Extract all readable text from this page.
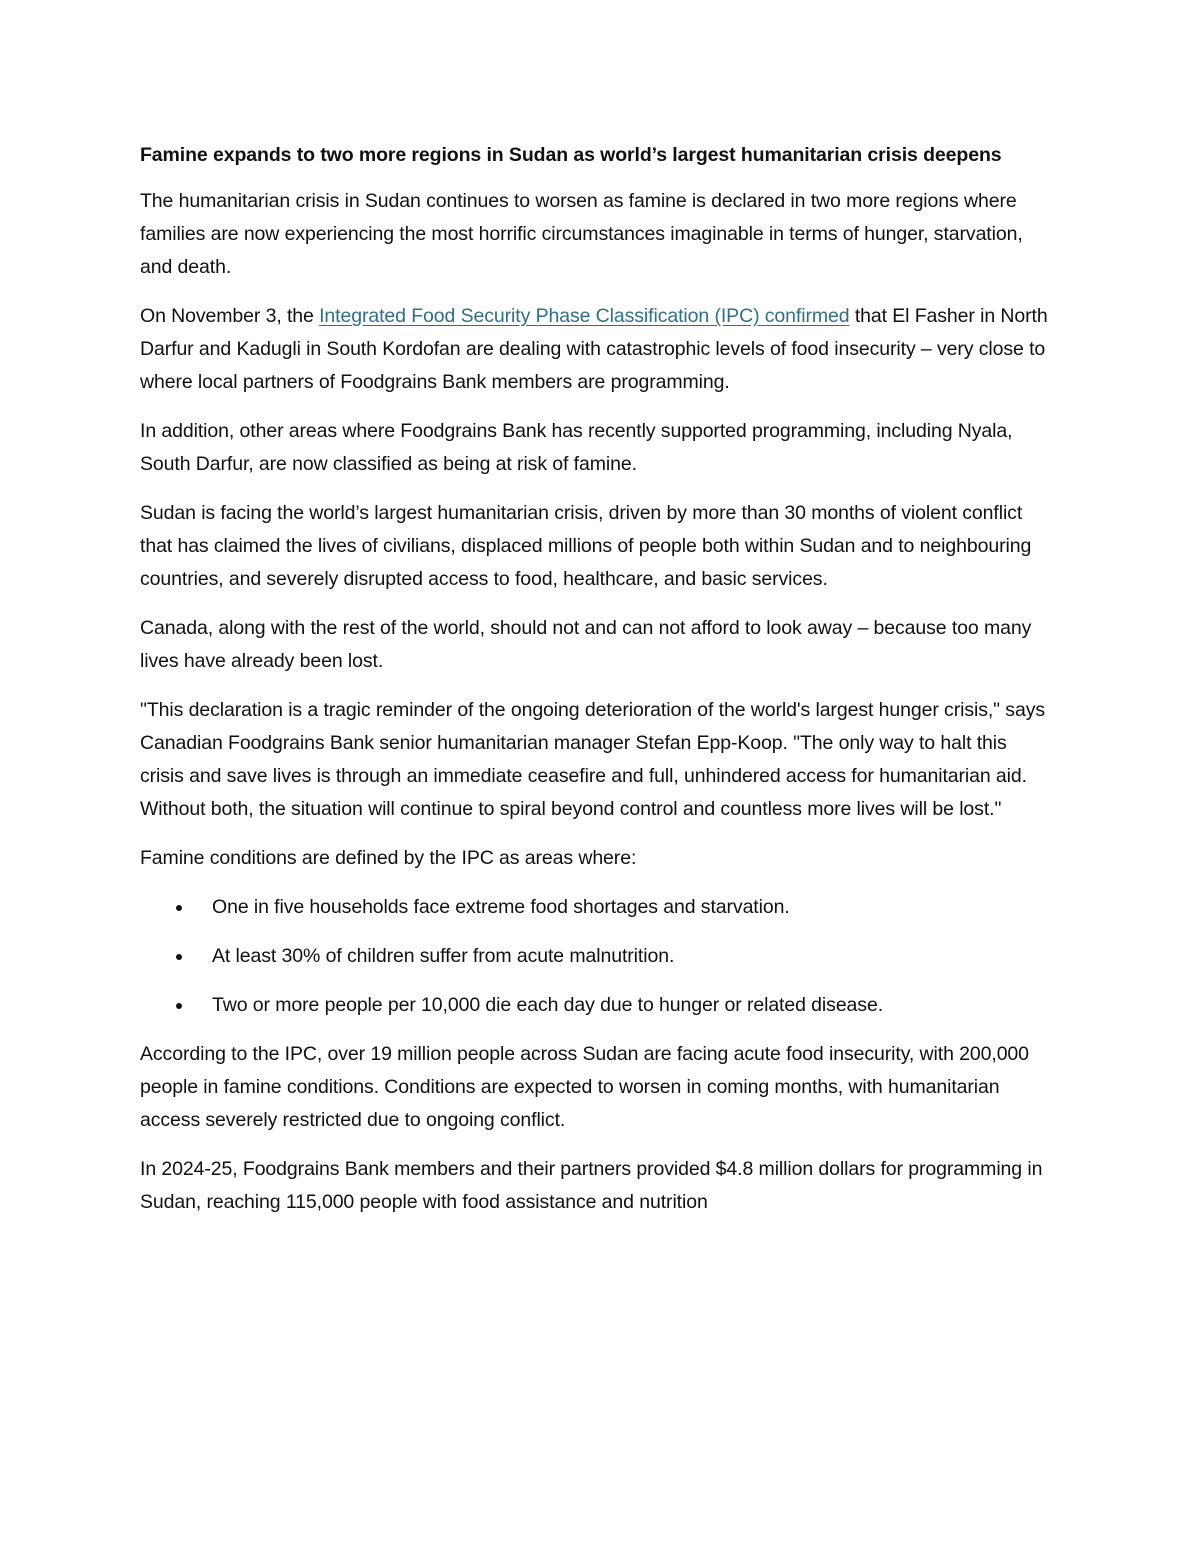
Famine expands to two more regions in Sudan as world’s largest humanitarian crisis deepens

The humanitarian crisis in Sudan continues to worsen as famine is declared in two more regions where families are now experiencing the most horrific circumstances imaginable in terms of hunger, starvation, and death.

On November 3, the Integrated Food Security Phase Classification (IPC) confirmed that El Fasher in North Darfur and Kadugli in South Kordofan are dealing with catastrophic levels of food insecurity – very close to where local partners of Foodgrains Bank members are programming.

In addition, other areas where Foodgrains Bank has recently supported programming, including Nyala, South Darfur, are now classified as being at risk of famine.

Sudan is facing the world’s largest humanitarian crisis, driven by more than 30 months of violent conflict that has claimed the lives of civilians, displaced millions of people both within Sudan and to neighbouring countries, and severely disrupted access to food, healthcare, and basic services.

Canada, along with the rest of the world, should not and can not afford to look away – because too many lives have already been lost.

"This declaration is a tragic reminder of the ongoing deterioration of the world's largest hunger crisis," says Canadian Foodgrains Bank senior humanitarian manager Stefan Epp-Koop. "The only way to halt this crisis and save lives is through an immediate ceasefire and full, unhindered access for humanitarian aid. Without both, the situation will continue to spiral beyond control and countless more lives will be lost."

Famine conditions are defined by the IPC as areas where:

One in five households face extreme food shortages and starvation.
At least 30% of children suffer from acute malnutrition.
Two or more people per 10,000 die each day due to hunger or related disease.

According to the IPC, over 19 million people across Sudan are facing acute food insecurity, with 200,000 people in famine conditions. Conditions are expected to worsen in coming months, with humanitarian access severely restricted due to ongoing conflict.

In 2024-25, Foodgrains Bank members and their partners provided $4.8 million dollars for programming in Sudan, reaching 115,000 people with food assistance and nutrition
